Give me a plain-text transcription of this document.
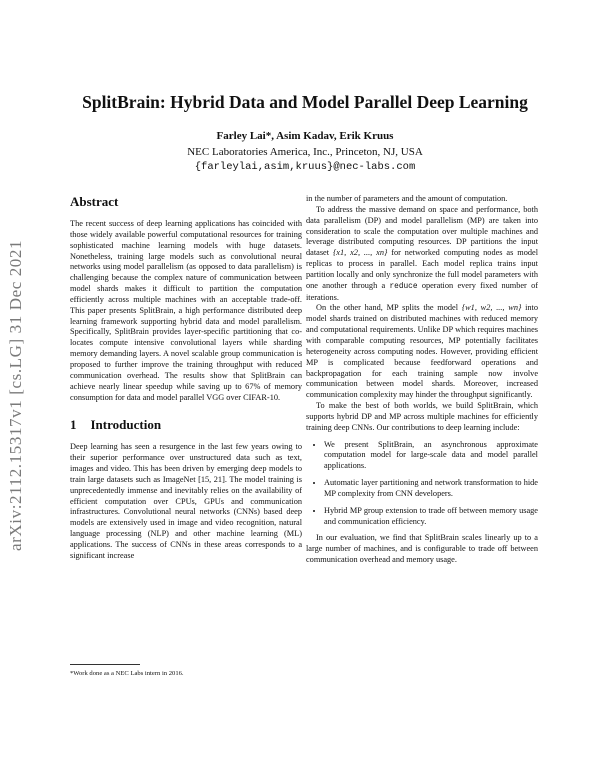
arXiv:2112.15317v1 [cs.LG] 31 Dec 2021
SplitBrain: Hybrid Data and Model Parallel Deep Learning
Farley Lai*, Asim Kadav, Erik Kruus
NEC Laboratories America, Inc., Princeton, NJ, USA
{farleylai,asim,kruus}@nec-labs.com
Abstract

The recent success of deep learning applications has coincided with those widely available powerful computational resources for training sophisticated machine learning models with huge datasets. Nonetheless, training large models such as convolutional neural networks using model parallelism (as opposed to data parallelism) is challenging because the complex nature of communication between model shards makes it difficult to partition the computation efficiently across multiple machines with an acceptable trade-off. This paper presents SplitBrain, a high performance distributed deep learning framework supporting hybrid data and model parallelism. Specifically, SplitBrain provides layer-specific partitioning that co-locates compute intensive convolutional layers while sharding memory demanding layers. A novel scalable group communication is proposed to further improve the training throughput with reduced communication overhead. The results show that SplitBrain can achieve nearly linear speedup while saving up to 67% of memory consumption for data and model parallel VGG over CIFAR-10.

1 Introduction

Deep learning has seen a resurgence in the last few years owing to their superior performance over unstructured data such as text, images and video. This has been driven by emerging deep models to train large datasets such as ImageNet [15, 21]. The model training is unprecedentedly immense and inevitably relies on the availability of efficient computation over CPUs, GPUs and communication infrastructures. Convolutional neural networks (CNNs) based deep models are extensively used in image and video recognition, natural language processing (NLP) and other machine learning (ML) applications. The success of CNNs in these areas corresponds to a significant increase

in the number of parameters and the amount of computation.

To address the massive demand on space and performance, both data parallelism (DP) and model parallelism (MP) are taken into consideration to scale the computation over multiple machines and leverage distributed computing resources. DP partitions the input dataset {x1, x2, ..., xn} for networked computing nodes as model replicas to process in parallel. Each model replica trains input partition locally and only synchronize the full model parameters with one another through a reduce operation every fixed number of iterations.

On the other hand, MP splits the model {w1, w2, ..., wn} into model shards trained on distributed machines with reduced memory and computational requirements. Unlike DP which requires machines with comparable computing resources, MP potentially facilitates heterogeneity across computing nodes. However, providing efficient MP is complicated because feedforward operations and backpropagation for each training sample now involve communication between model shards. Moreover, increased communication complexity may hinder the throughput significantly.

To make the best of both worlds, we build SplitBrain, which supports hybrid DP and MP across multiple machines for efficiently training deep CNNs. Our contributions to deep learning include:

• We present SplitBrain, an asynchronous approximate computation model for large-scale data and model parallel applications.
• Automatic layer partitioning and network transformation to hide MP complexity from CNN developers.
• Hybrid MP group extension to trade off between memory usage and communication efficiency.

In our evaluation, we find that SplitBrain scales linearly up to a large number of machines, and is configurable to trade off between communication overhead and memory usage.

*Work done as a NEC Labs intern in 2016.
